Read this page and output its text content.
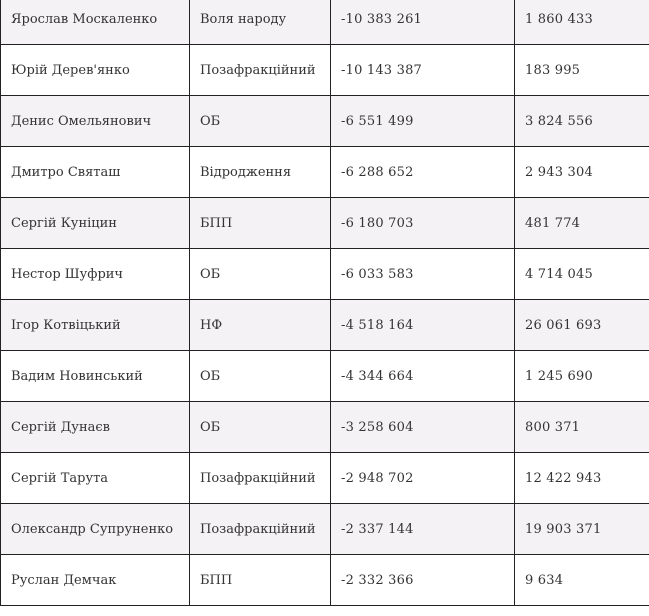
Ярослав Москаленко	Воля народу	-10 383 261	1 860 433
Юрій Дерев'янко	Позафракційний	-10 143 387	183 995
Денис Омельянович	ОБ	-6 551 499	3 824 556
Дмитро Святаш	Відродження	-6 288 652	2 943 304
Сергій Куніцин	БПП	-6 180 703	481 774
Нестор Шуфрич	ОБ	-6 033 583	4 714 045
Ігор Котвіцький	НФ	-4 518 164	26 061 693
Вадим Новинський	ОБ	-4 344 664	1 245 690
Сергій Дунаєв	ОБ	-3 258 604	800 371
Сергій Тарута	Позафракційний	-2 948 702	12 422 943
Олександр Супруненко	Позафракційний	-2 337 144	19 903 371
Руслан Демчак	БПП	-2 332 366	9 634
